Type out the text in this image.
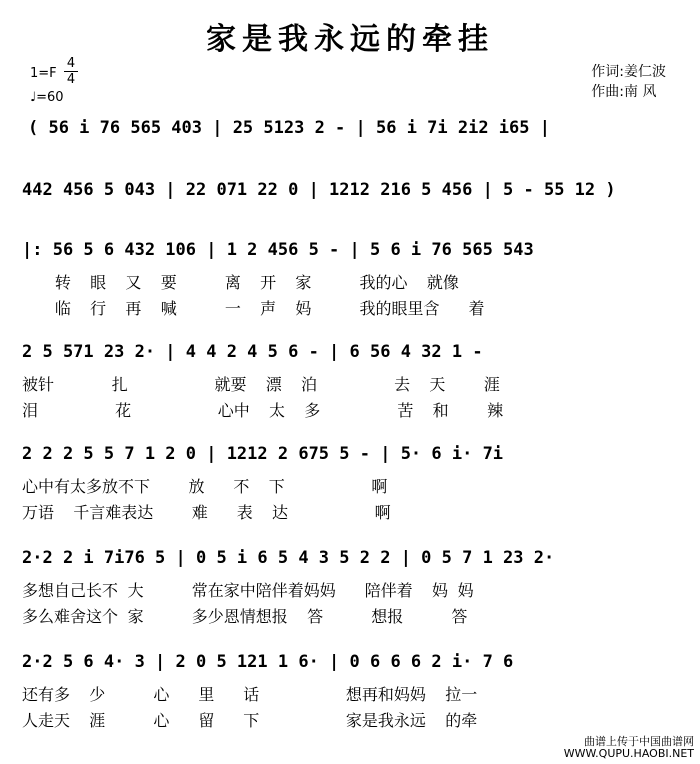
家是我永远的牵挂
1=F
4
4
♩=60
作词:姜仁波
作曲:南 风
( 56 i 76 565 403 | 25 5123 2 - | 56 i 7i 2i2 i65 |
442 456 5 043 | 22 071 22 0 | 1212 216 5 456 | 5 - 55 12 )
|: 56 5 6 432 106 | 1 2 456 5 - | 5 6 i 76 565 543
转  眼  又  要     离  开  家     我的心  就像
临  行  再  喊     一  声  妈     我的眼里含   着
2 5 571 23 2· | 4 4 2 4 5 6 - | 6 56 4 32 1 -
被针      扎         就要  漂  泊        去  天    涯
泪        花         心中  太  多        苦  和    辣
2 2 2 5 5 7 1 2 0 | 1212 2 675 5 - | 5· 6 i· 7i
心中有太多放不下    放   不  下         啊
万语  千言难表达    难   表  达         啊
2·2 2 i 7i76 5 | 0 5 i 6 5 4 3 5 2 2 | 0 5 7 1 23 2·
多想自己长不 大     常在家中陪伴着妈妈   陪伴着  妈 妈
多么难舍这个 家     多少恩情想报  答     想报     答
2·2 5 6 4· 3 | 2 0 5 121 1 6· | 0 6 6 6 2 i· 7 6
还有多  少     心   里   话         想再和妈妈  拉一
人走天  涯     心   留   下         家是我永远  的牵
曲谱上传于中国曲谱网
WWW.QUPU.HAOBI.NET
